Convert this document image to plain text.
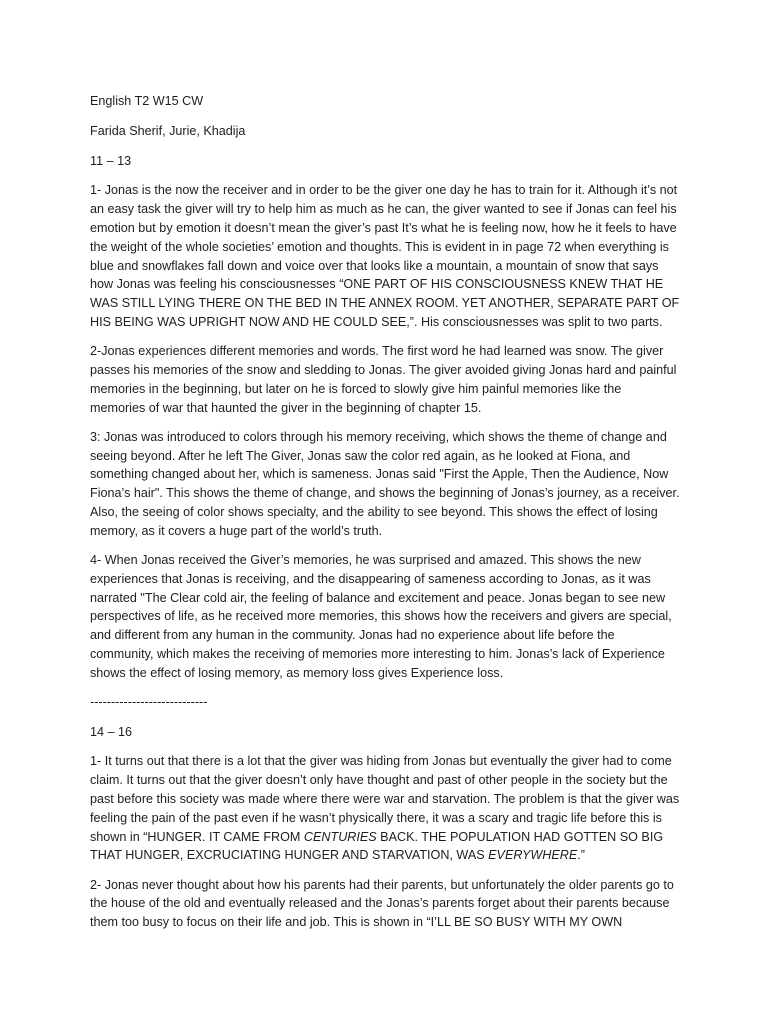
English T2 W15 CW

Farida Sherif, Jurie, Khadija

11 – 13

1- Jonas is the now the receiver and in order to be the giver one day he has to train for it. Although it’s not an easy task the giver will try to help him as much as he can, the giver wanted to see if Jonas can feel his emotion but by emotion it doesn’t mean the giver’s past It’s what he is feeling now, how he it feels to have the weight of the whole societies’ emotion and thoughts. This is evident in in page 72 when everything is blue and snowflakes fall down and voice over that looks like a mountain, a mountain of snow that says how Jonas was feeling his consciousnesses “ONE PART OF HIS CONSCIOUSNESS KNEW THAT HE WAS STILL LYING THERE ON THE BED IN THE ANNEX ROOM. YET ANOTHER, SEPARATE PART OF HIS BEING WAS UPRIGHT NOW AND HE COULD SEE,”. His consciousnesses was split to two parts.

2-Jonas experiences different memories and words. The first word he had learned was snow. The giver passes his memories of the snow and sledding to Jonas. The giver avoided giving Jonas hard and painful memories in the beginning, but later on he is forced to slowly give him painful memories like the memories of war that haunted the giver in the beginning of chapter 15.

3: Jonas was introduced to colors through his memory receiving, which shows the theme of change and seeing beyond. After he left The Giver, Jonas saw the color red again, as he looked at Fiona, and something changed about her, which is sameness. Jonas said "First the Apple, Then the Audience, Now Fiona’s hair". This shows the theme of change, and shows the beginning of Jonas’s journey, as a receiver. Also, the seeing of color shows specialty, and the ability to see beyond. This shows the effect of losing memory, as it covers a huge part of the world’s truth.

4- When Jonas received the Giver’s memories, he was surprised and amazed. This shows the new experiences that Jonas is receiving, and the disappearing of sameness according to Jonas, as it was narrated "The Clear cold air, the feeling of balance and excitement and peace. Jonas began to see new perspectives of life, as he received more memories, this shows how the receivers and givers are special, and different from any human in the community. Jonas had no experience about life before the community, which makes the receiving of memories more interesting to him. Jonas’s lack of Experience shows the effect of losing memory, as memory loss gives Experience loss.

----------------------------

14 – 16

1- It turns out that there is a lot that the giver was hiding from Jonas but eventually the giver had to come claim. It turns out that the giver doesn’t only have thought and past of other people in the society but the past before this society was made where there were war and starvation. The problem is that the giver was feeling the pain of the past even if he wasn’t physically there, it was a scary and tragic life before this is shown in “HUNGER. IT CAME FROM CENTURIES BACK. THE POPULATION HAD GOTTEN SO BIG THAT HUNGER, EXCRUCIATING HUNGER AND STARVATION, WAS EVERYWHERE.”

2- Jonas never thought about how his parents had their parents, but unfortunately the older parents go to the house of the old and eventually released and the Jonas’s parents forget about their parents because them too busy to focus on their life and job. This is shown in “I’LL BE SO BUSY WITH MY OWN
